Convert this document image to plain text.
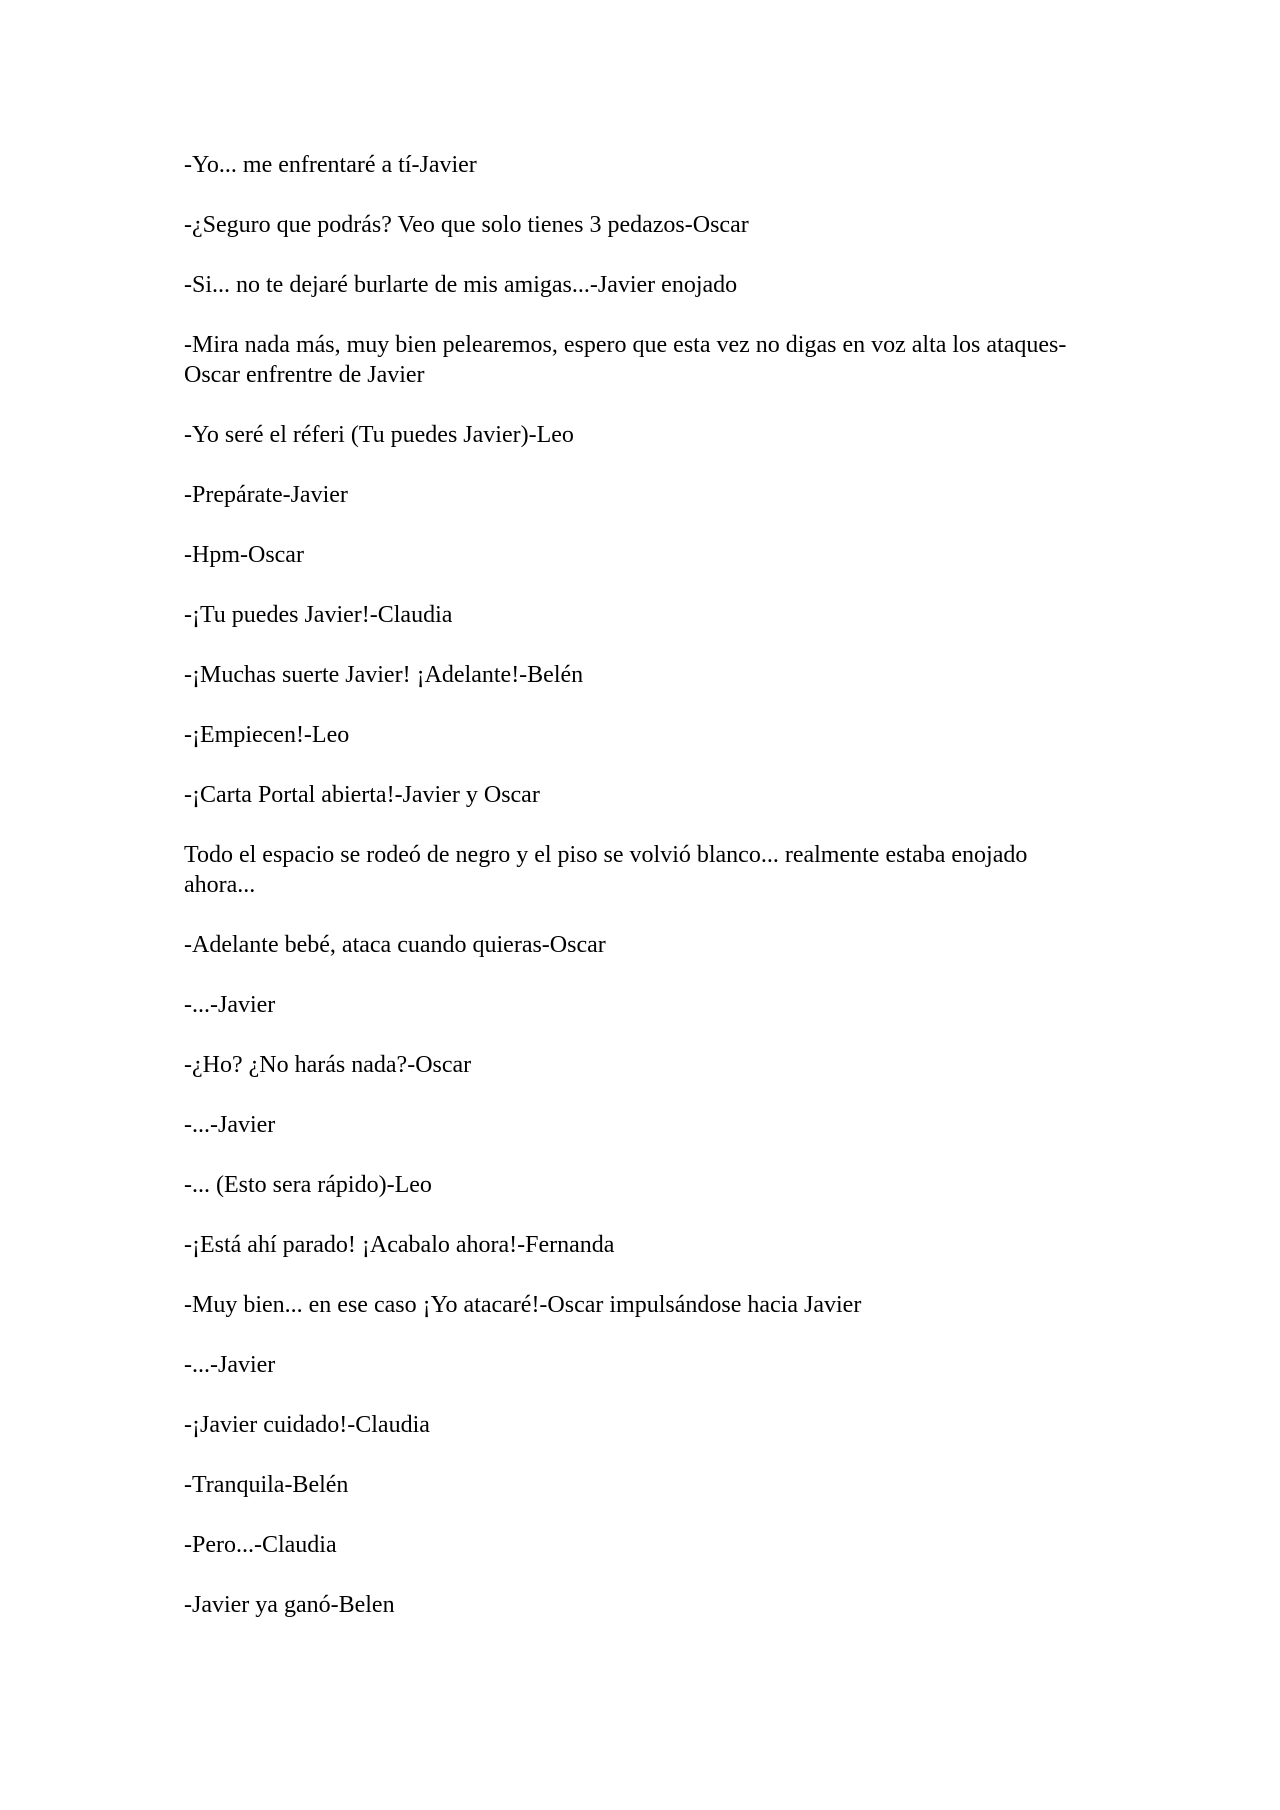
-Yo... me enfrentaré a tí-Javier

-¿Seguro que podrás? Veo que solo tienes 3 pedazos-Oscar

-Si... no te dejaré burlarte de mis amigas...-Javier enojado

-Mira nada más, muy bien pelearemos, espero que esta vez no digas en voz alta los ataques-Oscar enfrentre de Javier

-Yo seré el réferi (Tu puedes Javier)-Leo

-Prepárate-Javier

-Hpm-Oscar

-¡Tu puedes Javier!-Claudia

-¡Muchas suerte Javier! ¡Adelante!-Belén

-¡Empiecen!-Leo

-¡Carta Portal abierta!-Javier y Oscar

Todo el espacio se rodeó de negro y el piso se volvió blanco... realmente estaba enojado ahora...

-Adelante bebé, ataca cuando quieras-Oscar

-...-Javier

-¿Ho? ¿No harás nada?-Oscar

-...-Javier

-... (Esto sera rápido)-Leo

-¡Está ahí parado! ¡Acabalo ahora!-Fernanda

-Muy bien... en ese caso ¡Yo atacaré!-Oscar impulsándose hacia Javier

-...-Javier

-¡Javier cuidado!-Claudia

-Tranquila-Belén

-Pero...-Claudia

-Javier ya ganó-Belen
